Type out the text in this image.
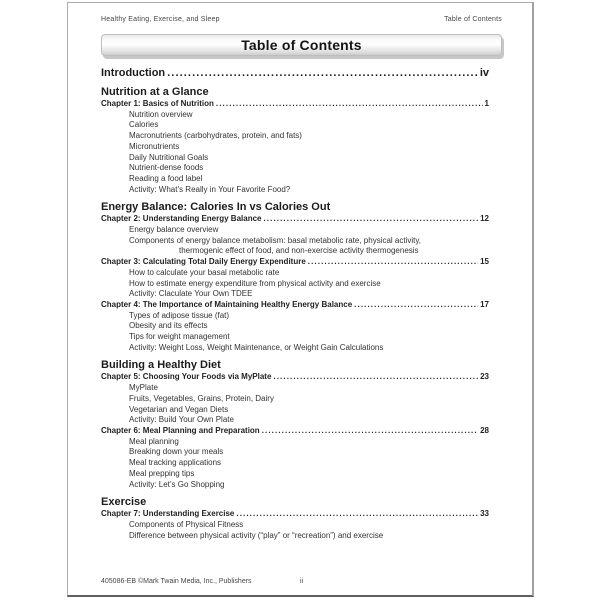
Healthy Eating, Exercise, and Sleep	Table of Contents
Table of Contents
Introduction .....	iv
Nutrition at a Glance
Chapter 1: Basics of Nutrition .....	1
Nutrition overview
Calories
Macronutrients (carbohydrates, protein, and fats)
Micronutrients
Daily Nutritional Goals
Nutrient-dense foods
Reading a food label
Activity: What’s Really in Your Favorite Food?
Energy Balance: Calories In vs Calories Out
Chapter 2: Understanding Energy Balance .....	12
Energy balance overview
Components of energy balance metabolism: basal metabolic rate, physical activity,
thermogenic effect of food, and non-exercise activity thermogenesis
Chapter 3: Calculating Total Daily Energy Expenditure .....	15
How to calculate your basal metabolic rate
How to estimate energy expenditure from physical activity and exercise
Activity: Claculate Your Own TDEE
Chapter 4: The Importance of Maintaining Healthy Energy Balance .....	17
Types of adipose tissue (fat)
Obesity and its effects
Tips for weight management
Activity: Weight Loss, Weight Maintenance, or Weight Gain Calculations
Building a Healthy Diet
Chapter 5: Choosing Your Foods via MyPlate .....	23
MyPlate
Fruits, Vegetables, Grains, Protein, Dairy
Vegetarian and Vegan Diets
Activity: Build Your Own Plate
Chapter 6: Meal Planning and Preparation .....	28
Meal planning
Breaking down your meals
Meal tracking applications
Meal prepping tips
Activity: Let’s Go Shopping
Exercise
Chapter 7: Understanding Exercise .....	33
Components of Physical Fitness
Difference between physical activity (“play” or “recreation”) and exercise
405086-EB ©Mark Twain Media, Inc., Publishers	ii
